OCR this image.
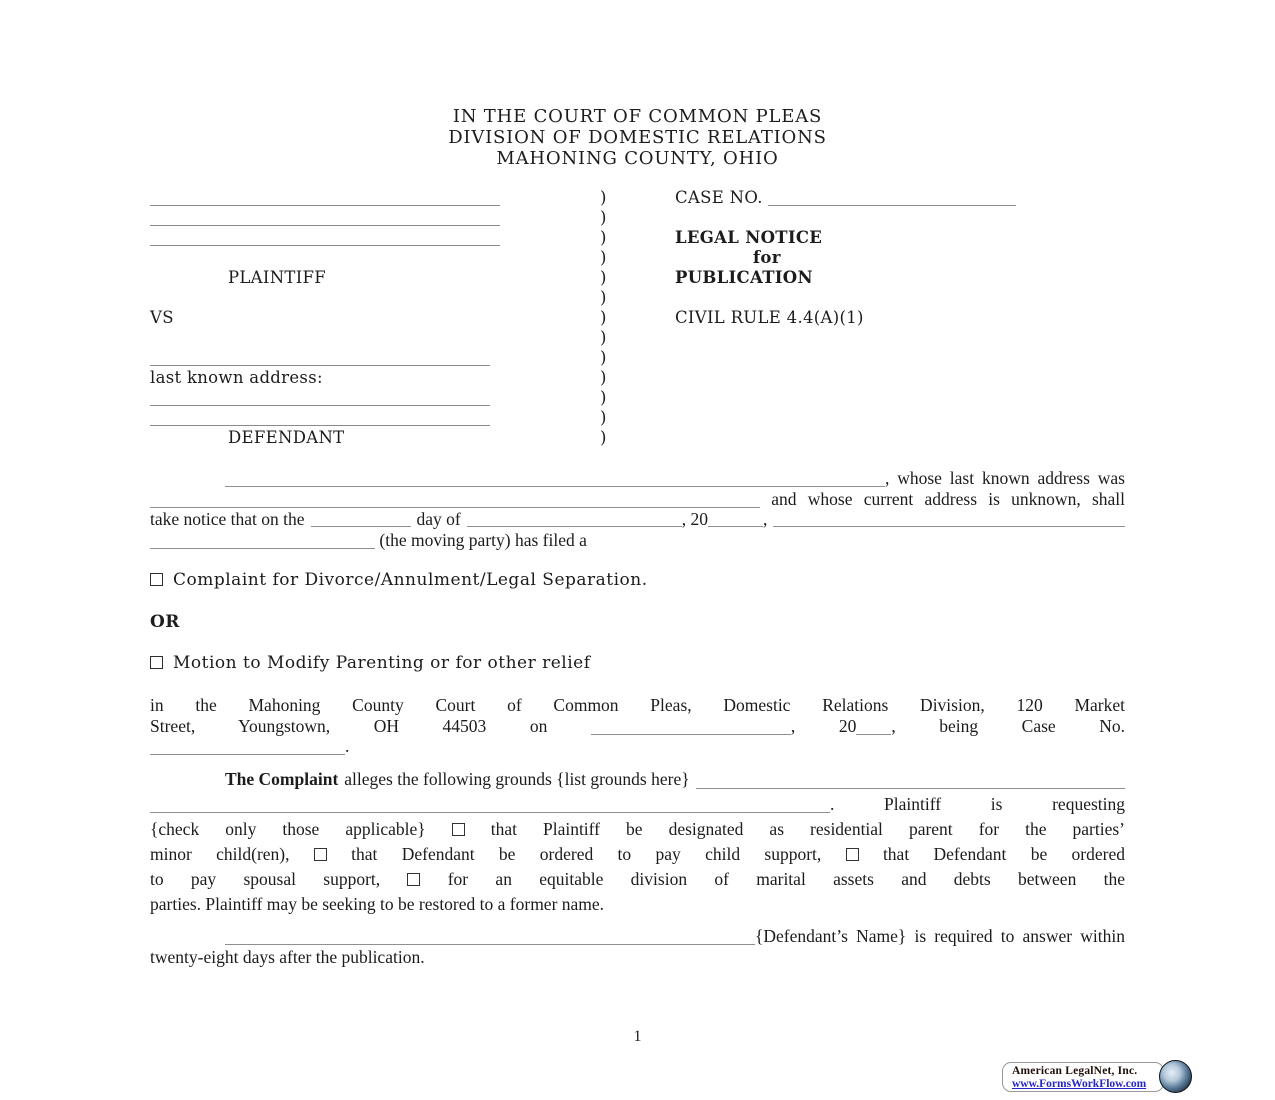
IN THE COURT OF COMMON PLEAS
DIVISION OF DOMESTIC RELATIONS
MAHONING COUNTY, OHIO
PLAINTIFF
VS
last known address:
DEFENDANT
)
)
)
)
)
)
)
)
)
)
)
)
)
CASE NO.
LEGAL NOTICE
for
PUBLICATION
CIVIL RULE 4.4(A)(1)
, whose last known address was
and whose current address is unknown, shall
take notice that on the	day of	, 20	,
(the moving party) has filed a
Complaint for Divorce/Annulment/Legal Separation.
OR
Motion to Modify Parenting or for other relief
in the Mahoning County Court of Common Pleas, Domestic Relations Division, 120 Market
Street, Youngstown, OH 44503 on	, 20 , being Case No.
.
The Complaint alleges the following grounds {list grounds here}
.	Plaintiff is requesting
{check only those applicable}	that Plaintiff be designated as residential parent for the parties’
minor child(ren),	that Defendant be ordered to pay child support,	that Defendant be ordered
to pay spousal support,	for an equitable division of marital assets and debts between the
parties. Plaintiff may be seeking to be restored to a former name.
{Defendant’s Name} is required to answer within
twenty-eight days after the publication.
1
American LegalNet, Inc.
www.FormsWorkFlow.com
